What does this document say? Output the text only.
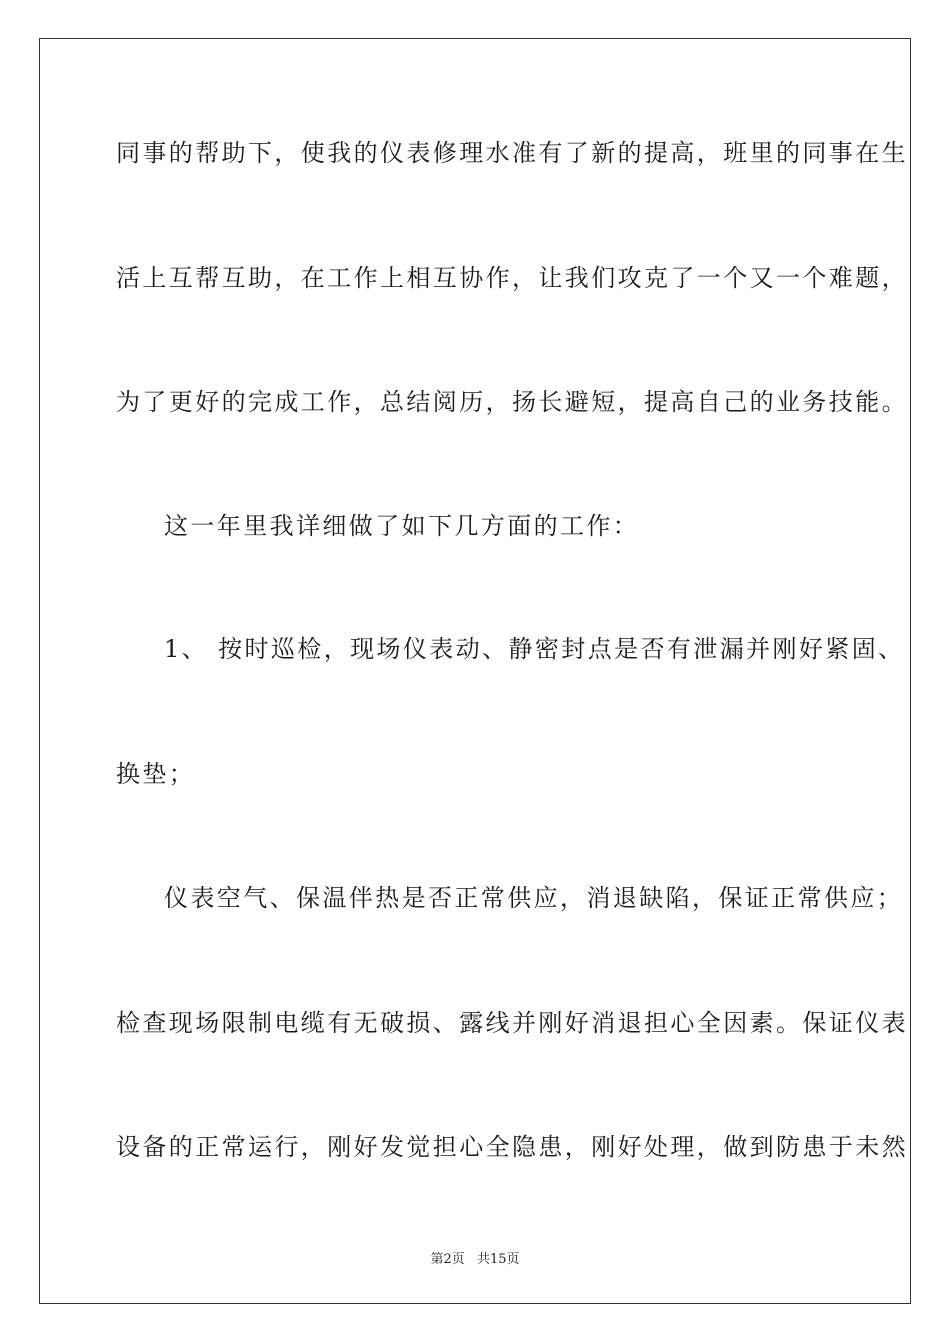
同事的帮助下，使我的仪表修理水准有了新的提高，班里的同事在生
活上互帮互助，在工作上相互协作，让我们攻克了一个又一个难题，
为了更好的完成工作，总结阅历，扬长避短，提高自己的业务技能。
这一年里我详细做了如下几方面的工作：
1、 按时巡检，现场仪表动、静密封点是否有泄漏并刚好紧固、
换垫；
仪表空气、保温伴热是否正常供应，消退缺陷，保证正常供应；
检查现场限制电缆有无破损、露线并刚好消退担心全因素。保证仪表
设备的正常运行，刚好发觉担心全隐患，刚好处理，做到防患于未然
第2页 共15页
